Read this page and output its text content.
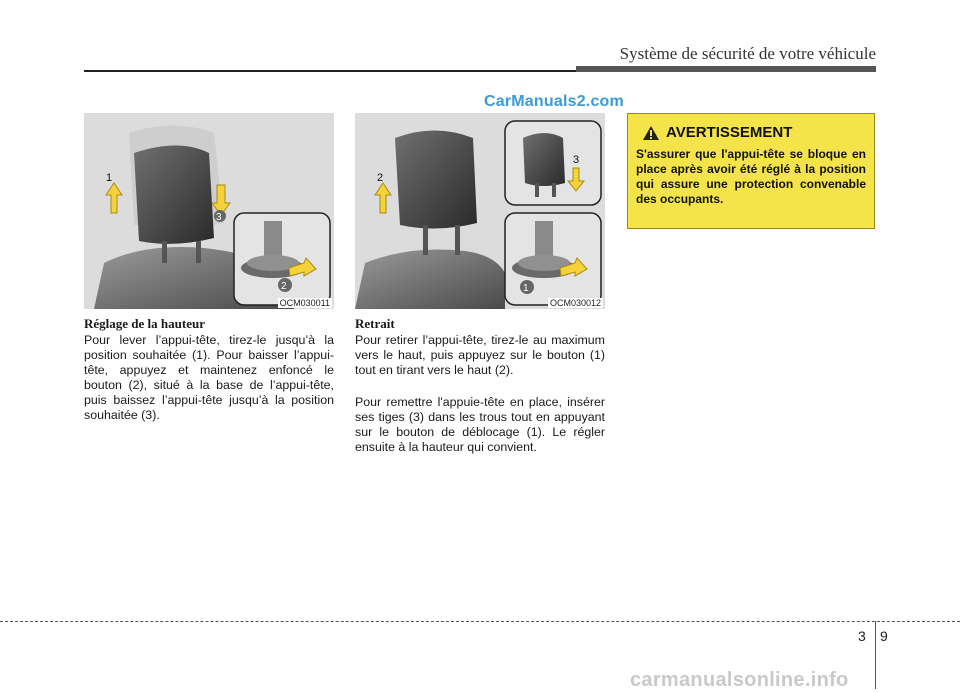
Système de sécurité de votre véhicule
CarManuals2.com
1
3
2
OCM030011
2
3
1
OCM030012
Réglage de la hauteur

Pour lever l’appui-tête, tirez-le jusqu’à la position souhaitée (1). Pour baisser l’appui-tête, appuyez et maintenez enfoncé le bouton (2), situé à la base de l’appui-tête, puis baissez l’appui-tête jusqu’à la position souhaitée (3).

Retrait

Pour retirer l’appui-tête, tirez-le au maximum vers le haut, puis appuyez sur le bouton (1) tout en tirant vers le haut (2).

Pour remettre l'appuie-tête en place, insérer ses tiges (3) dans les trous tout en appuyant sur le bouton de déblocage (1). Le régler ensuite à la hauteur qui convient.

AVERTISSEMENT

S'assurer que l'appui-tête se bloque en place après avoir été réglé à la position qui assure une protection convenable des occupants.

3 9
carmanualsonline.info
